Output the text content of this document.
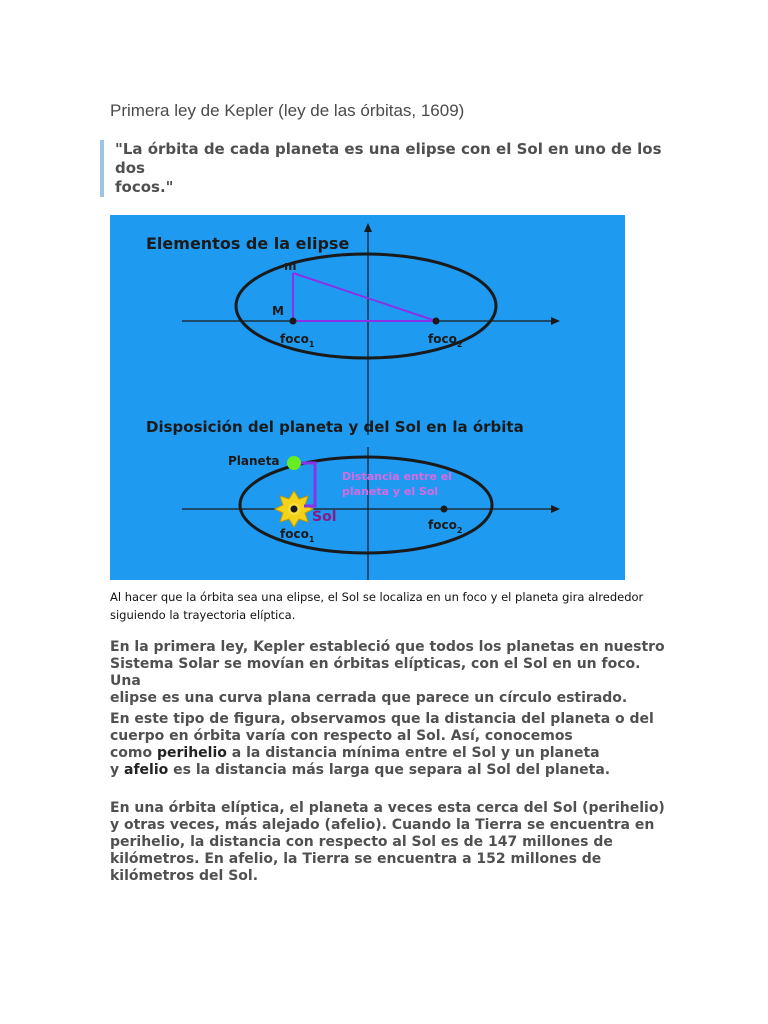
Primera ley de Kepler (ley de las órbitas, 1609)
"La órbita de cada planeta es una elipse con el Sol en uno de los dos
focos."
Elementos de la elipse
m
M
foco$_1$	foco$_2$
Disposición del planeta y del Sol en la órbita
Planeta
Distancia entre el
planeta y el Sol
Sol
foco$_1$
foco$_2$
Al hacer que la órbita sea una elipse, el Sol se localiza en un foco y el planeta gira alrededor
siguiendo la trayectoria elíptica.
En la primera ley, Kepler estableció que todos los planetas en nuestro
Sistema Solar se movían en órbitas elípticas, con el Sol en un foco. Una
elipse es una curva plana cerrada que parece un círculo estirado.
En este tipo de figura, observamos que la distancia del planeta o del
cuerpo en órbita varía con respecto al Sol. Así, conocemos
como perihelio a la distancia mínima entre el Sol y un planeta
y afelio es la distancia más larga que separa al Sol del planeta.
En una órbita elíptica, el planeta a veces esta cerca del Sol (perihelio)
y otras veces, más alejado (afelio). Cuando la Tierra se encuentra en
perihelio, la distancia con respecto al Sol es de 147 millones de
kilómetros. En afelio, la Tierra se encuentra a 152 millones de
kilómetros del Sol.
